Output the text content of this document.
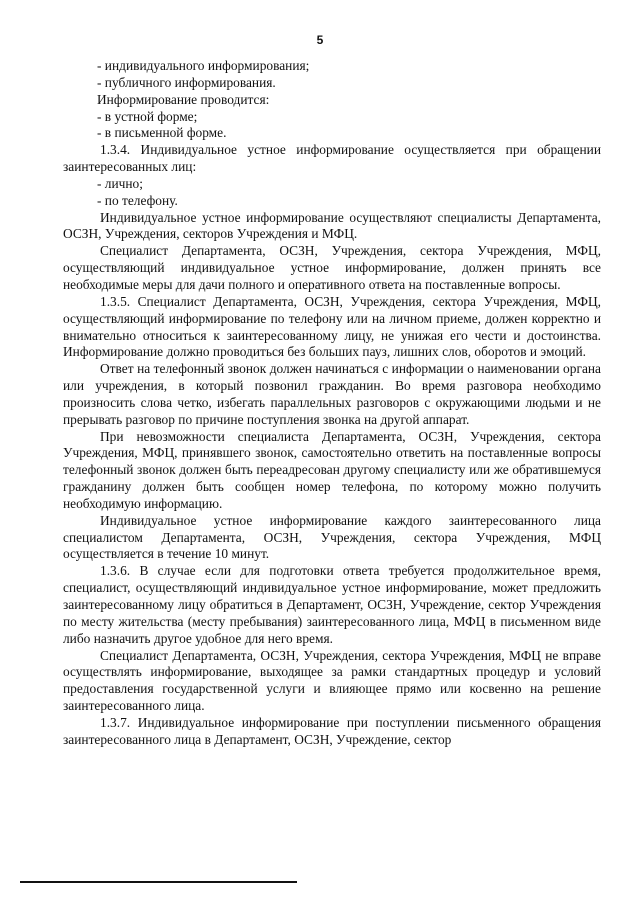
5

- индивидуального информирования;

- публичного информирования.

Информирование проводится:

- в устной форме;

- в письменной форме.

1.3.4. Индивидуальное устное информирование осуществляется при обращении заинтересованных лиц:

- лично;

- по телефону.

Индивидуальное устное информирование осуществляют специалисты Департамента, ОСЗН, Учреждения, секторов Учреждения и МФЦ.

Специалист Департамента, ОСЗН, Учреждения, сектора Учреждения, МФЦ, осуществляющий индивидуальное устное информирование, должен принять все необходимые меры для дачи полного и оперативного ответа на поставленные вопросы.

1.3.5. Специалист Департамента, ОСЗН, Учреждения, сектора Учреждения, МФЦ, осуществляющий информирование по телефону или на личном приеме, должен корректно и внимательно относиться к заинтересованному лицу, не унижая его чести и достоинства. Информирование должно проводиться без больших пауз, лишних слов, оборотов и эмоций.

Ответ на телефонный звонок должен начинаться с информации о наименовании органа или учреждения, в который позвонил гражданин. Во время разговора необходимо произносить слова четко, избегать параллельных разговоров с окружающими людьми и не прерывать разговор по причине поступления звонка на другой аппарат.

При невозможности специалиста Департамента, ОСЗН, Учреждения, сектора Учреждения, МФЦ, принявшего звонок, самостоятельно ответить на поставленные вопросы телефонный звонок должен быть переадресован другому специалисту или же обратившемуся гражданину должен быть сообщен номер телефона, по которому можно получить необходимую информацию.

Индивидуальное устное информирование каждого заинтересованного лица специалистом Департамента, ОСЗН, Учреждения, сектора Учреждения, МФЦ осуществляется в течение 10 минут.

1.3.6. В случае если для подготовки ответа требуется продолжительное время, специалист, осуществляющий индивидуальное устное информирование, может предложить заинтересованному лицу обратиться в Департамент, ОСЗН, Учреждение, сектор Учреждения по месту жительства (месту пребывания) заинтересованного лица, МФЦ в письменном виде либо назначить другое удобное для него время.

Специалист Департамента, ОСЗН, Учреждения, сектора Учреждения, МФЦ не вправе осуществлять информирование, выходящее за рамки стандартных процедур и условий предоставления государственной услуги и влияющее прямо или косвенно на решение заинтересованного лица.

1.3.7. Индивидуальное информирование при поступлении письменного обращения заинтересованного лица в Департамент, ОСЗН, Учреждение, сектор
